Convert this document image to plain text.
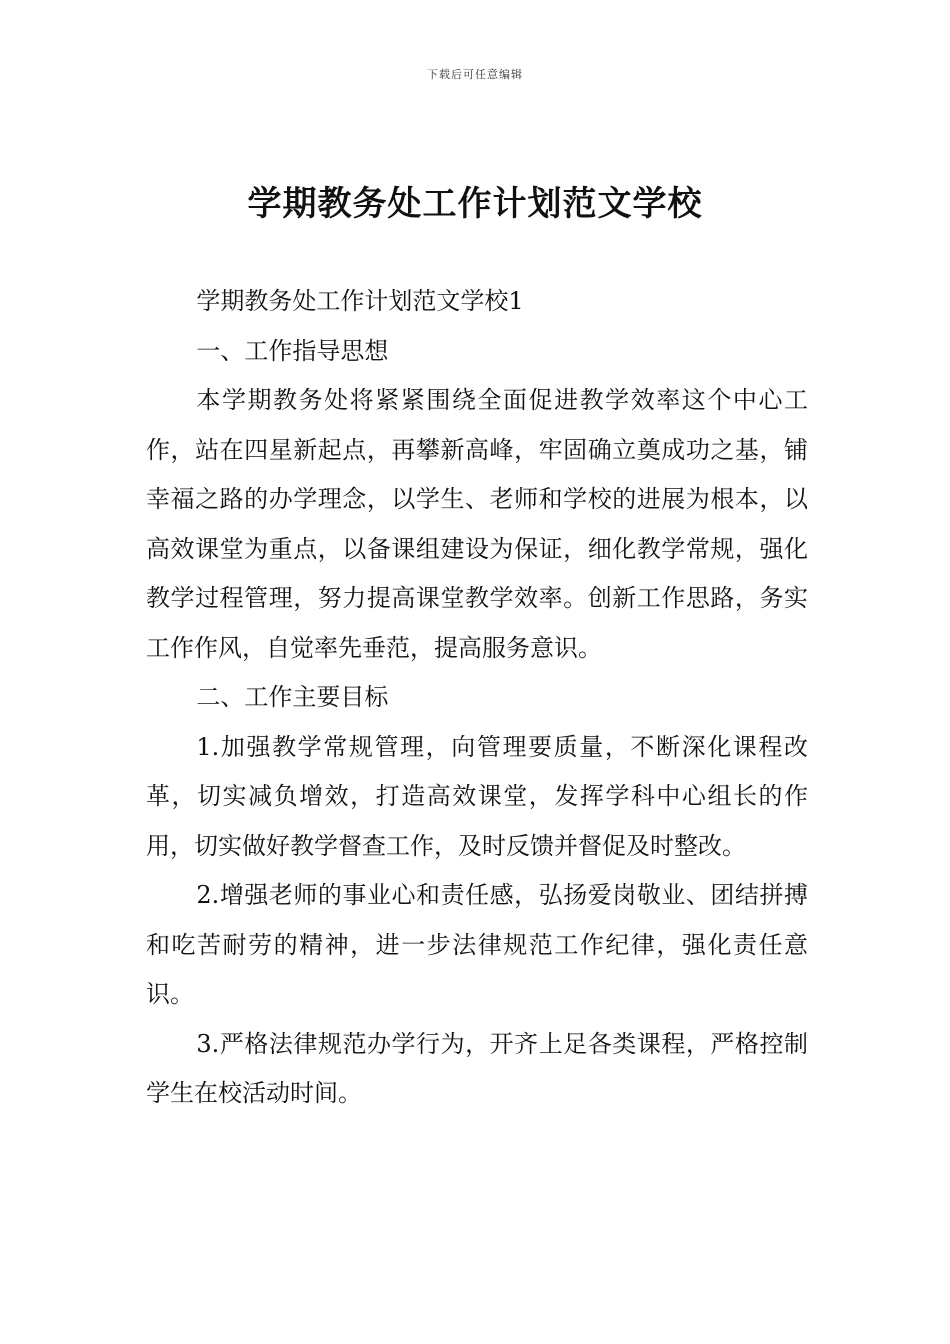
下载后可任意编辑
学期教务处工作计划范文学校

学期教务处工作计划范文学校1

一、工作指导思想

本学期教务处将紧紧围绕全面促进教学效率这个中心工作，站在四星新起点，再攀新高峰，牢固确立奠成功之基，铺幸福之路的办学理念，以学生、老师和学校的进展为根本，以高效课堂为重点，以备课组建设为保证，细化教学常规，强化教学过程管理，努力提高课堂教学效率。创新工作思路，务实工作作风，自觉率先垂范，提高服务意识。

二、工作主要目标

1.加强教学常规管理，向管理要质量，不断深化课程改革，切实减负增效，打造高效课堂，发挥学科中心组长的作用，切实做好教学督查工作，及时反馈并督促及时整改。

2.增强老师的事业心和责任感，弘扬爱岗敬业、团结拼搏和吃苦耐劳的精神，进一步法律规范工作纪律，强化责任意识。

3.严格法律规范办学行为，开齐上足各类课程，严格控制学生在校活动时间。
